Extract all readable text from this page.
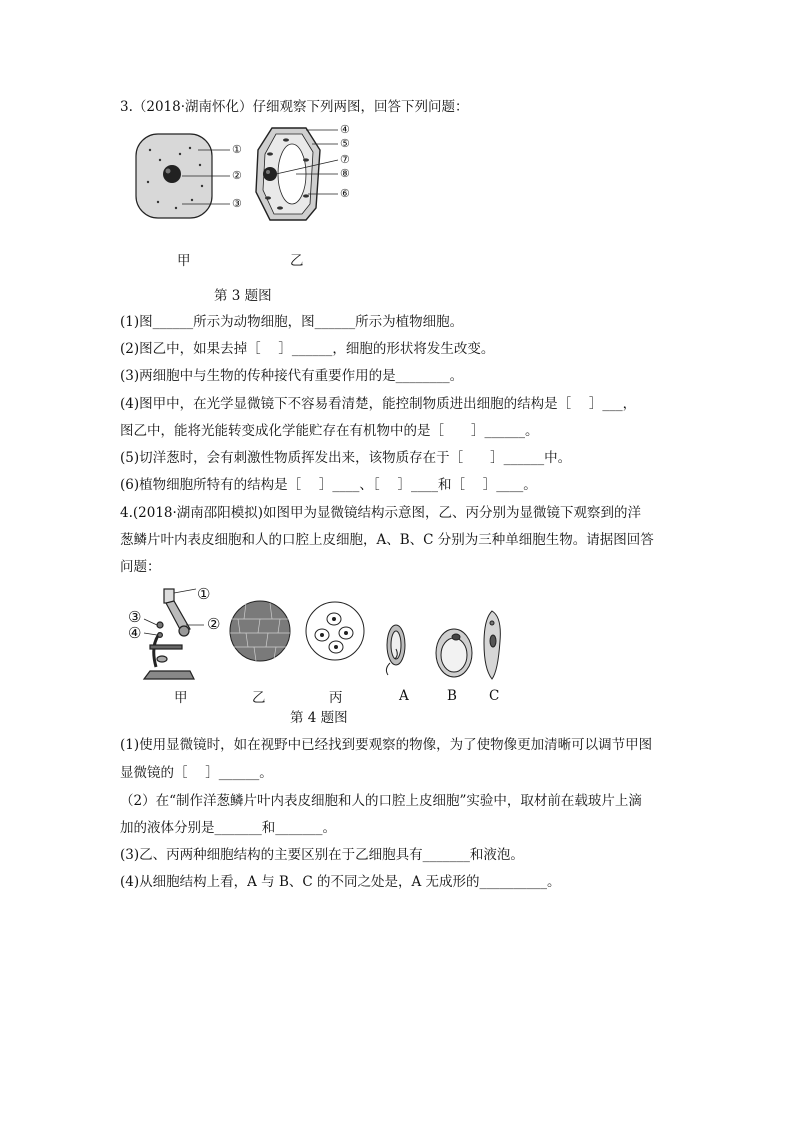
3.（2018·湖南怀化）仔细观察下列两图，回答下列问题：
①
②
③
④
⑤
⑦
⑧
⑥
甲	乙
第 3 题图
(1)图______所示为动物细胞，图______所示为植物细胞。
(2)图乙中，如果去掉［　 ］______，细胞的形状将发生改变。
(3)两细胞中与生物的传种接代有重要作用的是________。
(4)图甲中，在光学显微镜下不容易看清楚，能控制物质进出细胞的结构是［　 ］___，
图乙中，能将光能转变成化学能贮存在有机物中的是［　　］______。
(5)切洋葱时，会有刺激性物质挥发出来，该物质存在于［　　］______中。
(6)植物细胞所特有的结构是［　 ］____、［　 ］____和［　 ］____。
4.(2018·湖南邵阳模拟)如图甲为显微镜结构示意图，乙、丙分别为显微镜下观察到的洋
葱鳞片叶内表皮细胞和人的口腔上皮细胞，A、B、C 分别为三种单细胞生物。请据图回答
问题：
①
②
③
④
甲	乙	丙	A	B C
第 4 题图
(1)使用显微镜时，如在视野中已经找到要观察的物像，为了使物像更加清晰可以调节甲图
显微镜的［　 ］______。
（2）在“制作洋葱鳞片叶内表皮细胞和人的口腔上皮细胞”实验中，取材前在载玻片上滴
加的液体分别是_______和_______。
(3)乙、丙两种细胞结构的主要区别在于乙细胞具有_______和液泡。
(4)从细胞结构上看，A 与 B、C 的不同之处是，A 无成形的__________。
